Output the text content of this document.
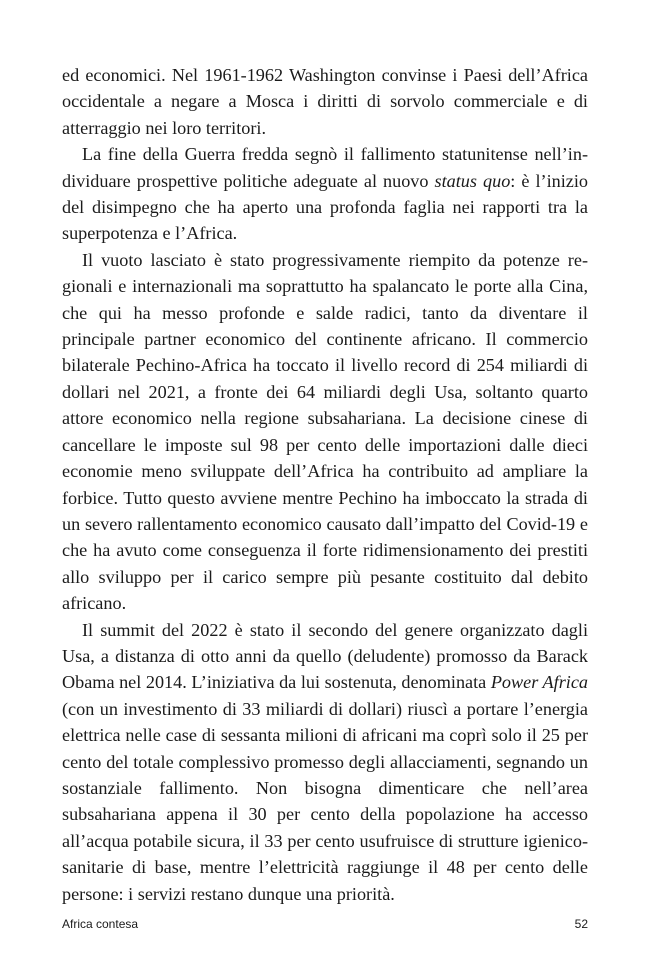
ed economici. Nel 1961-1962 Washington convinse i Paesi dell’Africa occidentale a negare a Mosca i diritti di sorvolo commerciale e di atterraggio nei loro territori.

La fine della Guerra fredda segnò il fallimento statunitense nell’individuare prospettive politiche adeguate al nuovo status quo: è l’inizio del disimpegno che ha aperto una profonda faglia nei rapporti tra la superpotenza e l’Africa.

Il vuoto lasciato è stato progressivamente riempito da potenze regionali e internazionali ma soprattutto ha spalancato le porte alla Cina, che qui ha messo profonde e salde radici, tanto da diventare il principale partner economico del continente africano. Il commercio bilaterale Pechino-Africa ha toccato il livello record di 254 miliardi di dollari nel 2021, a fronte dei 64 miliardi degli Usa, soltanto quarto attore economico nella regione subsahariana. La decisione cinese di cancellare le imposte sul 98 per cento delle importazioni dalle dieci economie meno sviluppate dell’Africa ha contribuito ad ampliare la forbice. Tutto questo avviene mentre Pechino ha imboccato la strada di un severo rallentamento economico causato dall’impatto del Covid-19 e che ha avuto come conseguenza il forte ridimensionamento dei prestiti allo sviluppo per il carico sempre più pesante costituito dal debito africano.

Il summit del 2022 è stato il secondo del genere organizzato dagli Usa, a distanza di otto anni da quello (deludente) promosso da Barack Obama nel 2014. L’iniziativa da lui sostenuta, denominata Power Africa (con un investimento di 33 miliardi di dollari) riuscì a portare l’energia elettrica nelle case di sessanta milioni di africani ma coprì solo il 25 per cento del totale complessivo promesso degli allacciamenti, segnando un sostanziale fallimento. Non bisogna dimenticare che nell’area subsahariana appena il 30 per cento della popolazione ha accesso all’acqua potabile sicura, il 33 per cento usufruisce di strutture igienico-sanitarie di base, mentre l’elettricità raggiunge il 48 per cento delle persone: i servizi restano dunque una priorità.

Africa contesa	52
